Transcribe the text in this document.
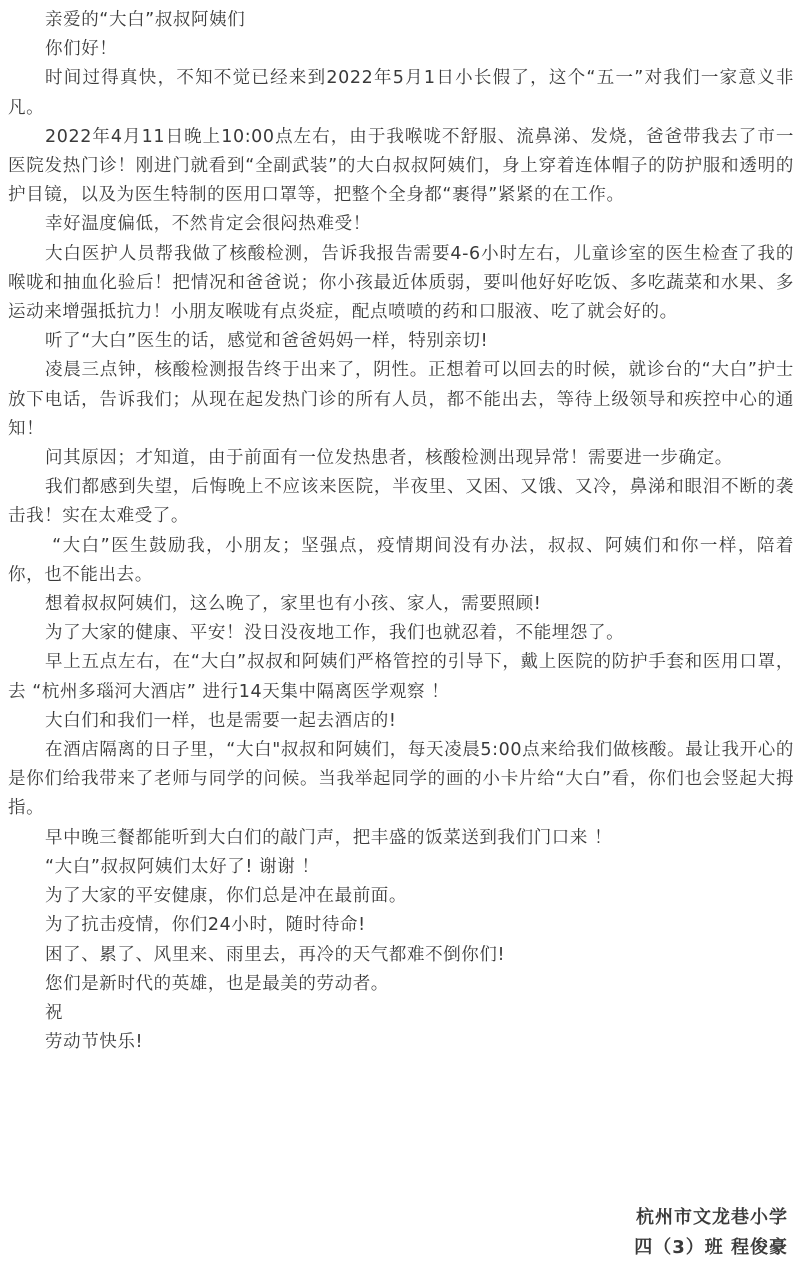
亲爱的“大白”叔叔阿姨们

你们好！

时间过得真快，不知不觉已经来到2022年5月1日小长假了，这个“五一”对我们一家意义非凡。

2022年4月11日晚上10:00点左右，由于我喉咙不舒服、流鼻涕、发烧，爸爸带我去了市一医院发热门诊！刚进门就看到“全副武装”的大白叔叔阿姨们，身上穿着连体帽子的防护服和透明的护目镜，以及为医生特制的医用口罩等，把整个全身都“裹得”紧紧的在工作。

幸好温度偏低，不然肯定会很闷热难受！

大白医护人员帮我做了核酸检测，告诉我报告需要4-6小时左右，儿童诊室的医生检查了我的喉咙和抽血化验后！把情况和爸爸说；你小孩最近体质弱，要叫他好好吃饭、多吃蔬菜和水果、多运动来增强抵抗力！小朋友喉咙有点炎症，配点喷喷的药和口服液、吃了就会好的。

听了“大白”医生的话，感觉和爸爸妈妈一样，特别亲切!

凌晨三点钟，核酸检测报告终于出来了，阴性。正想着可以回去的时候，就诊台的“大白”护士放下电话，告诉我们；从现在起发热门诊的所有人员，都不能出去，等待上级领导和疾控中心的通知！

问其原因；才知道，由于前面有一位发热患者，核酸检测出现异常！需要进一步确定。

我们都感到失望，后悔晚上不应该来医院，半夜里、又困、又饿、又冷，鼻涕和眼泪不断的袭击我！实在太难受了。

“大白”医生鼓励我，小朋友；坚强点，疫情期间没有办法，叔叔、阿姨们和你一样，陪着你，也不能出去。

想着叔叔阿姨们，这么晚了，家里也有小孩、家人，需要照顾!

为了大家的健康、平安！没日没夜地工作，我们也就忍着，不能埋怨了。

早上五点左右，在“大白”叔叔和阿姨们严格管控的引导下，戴上医院的防护手套和医用口罩，去 “杭州多瑙河大酒店” 进行14天集中隔离医学观察 ！

大白们和我们一样，也是需要一起去酒店的!

在酒店隔离的日子里，“大白"叔叔和阿姨们，每天凌晨5:00点来给我们做核酸。最让我开心的是你们给我带来了老师与同学的问候。当我举起同学的画的小卡片给“大白”看，你们也会竖起大拇指。

早中晚三餐都能听到大白们的敲门声，把丰盛的饭菜送到我们门口来 ！

“大白”叔叔阿姨们太好了! 谢谢 ！

为了大家的平安健康，你们总是冲在最前面。

为了抗击疫情，你们24小时，随时待命!

困了、累了、风里来、雨里去，再冷的天气都难不倒你们!

您们是新时代的英雄，也是最美的劳动者。

祝

劳动节快乐!

杭州市文龙巷小学
四（3）班 程俊豪
